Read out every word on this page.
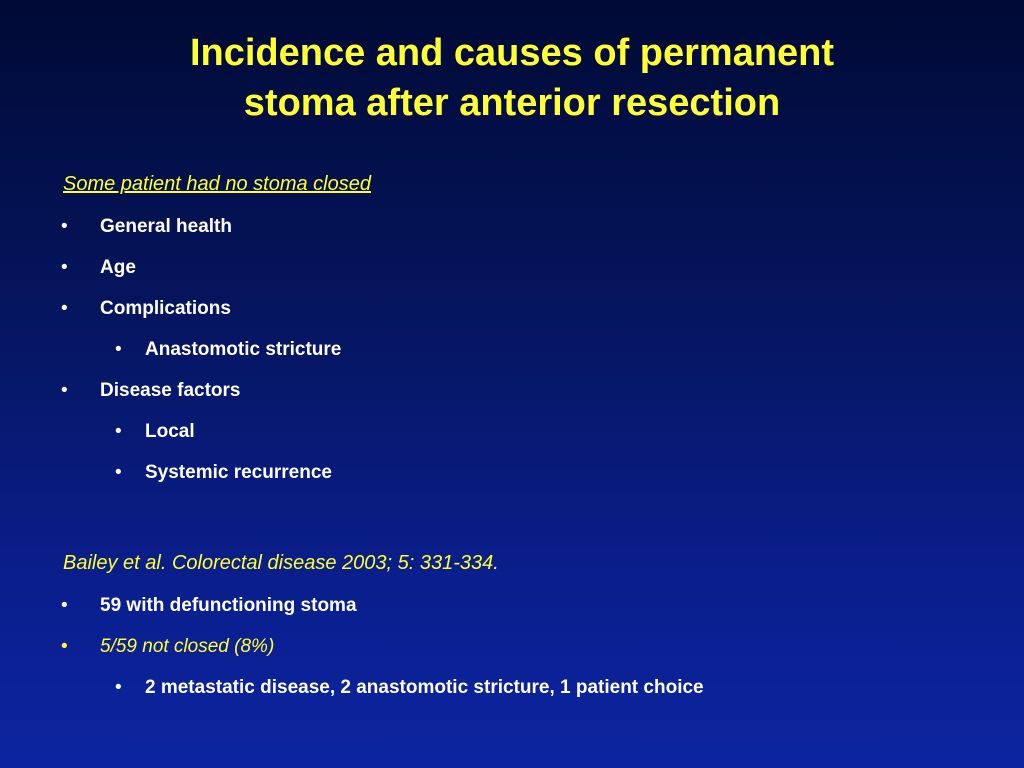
Incidence and causes of permanent
stoma after anterior resection

Some patient had no stoma closed

• General health
• Age
• Complications
• Anastomotic stricture
• Disease factors
• Local
• Systemic recurrence

Bailey et al. Colorectal disease 2003; 5: 331-334.

• 59 with defunctioning stoma
• 5/59 not closed (8%)
• 2 metastatic disease, 2 anastomotic stricture, 1 patient choice
